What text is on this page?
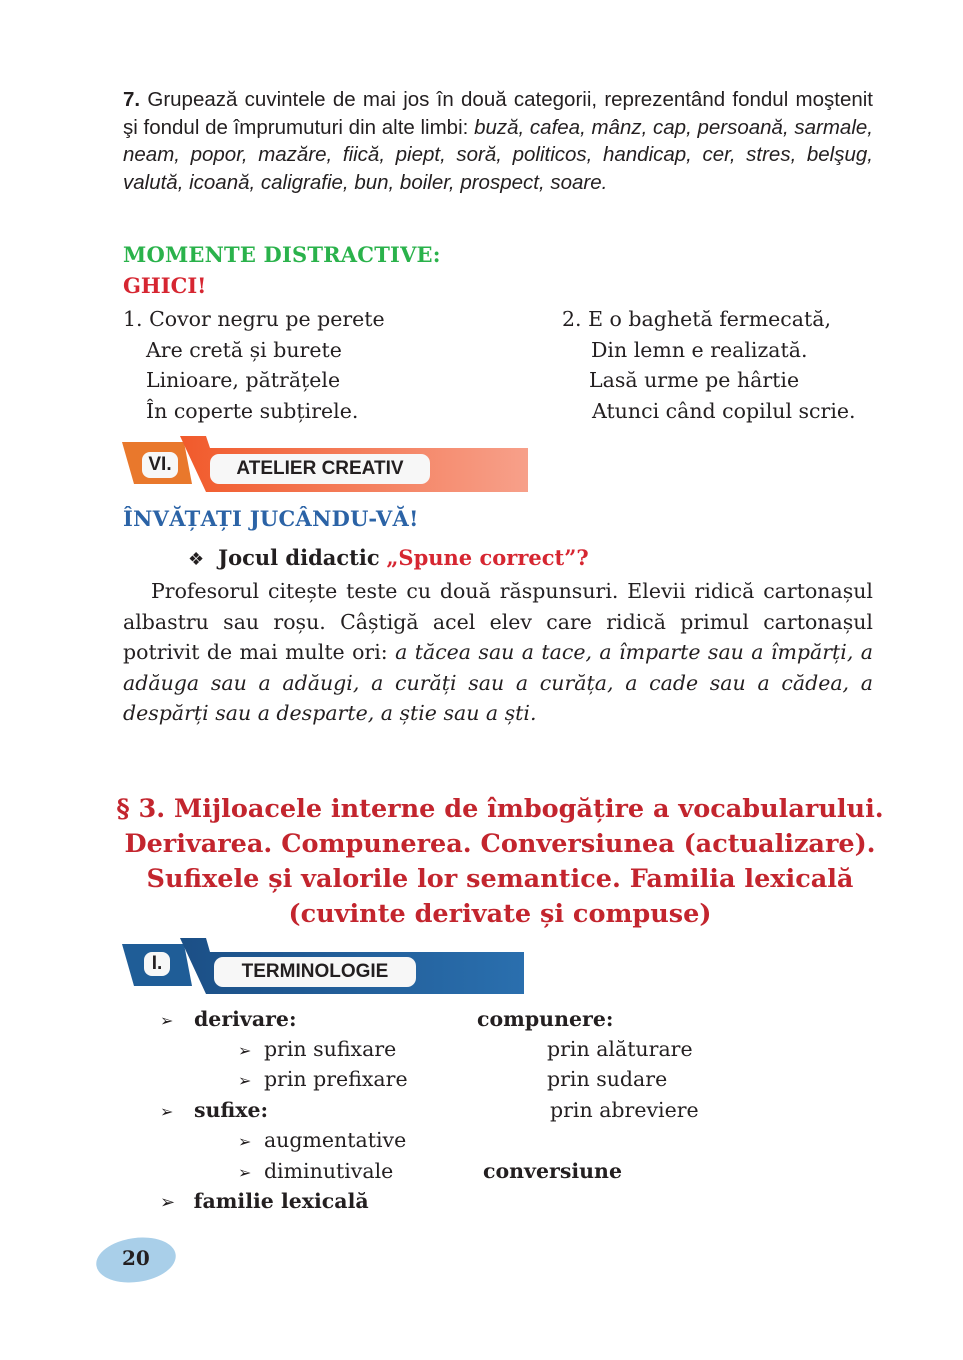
7. Grupează cuvintele de mai jos în două categorii, reprezentând fondul moştenit şi fondul de împrumuturi din alte limbi: buză, cafea, mânz, cap, persoană, sarmale, neam, popor, mazăre, fiică, piept, soră, politicos, handicap, cer, stres, belşug, valută, icoană, caligrafie, bun, boiler, prospect, soare.
MOMENTE DISTRACTIVE:
GHICI!
1. Covor negru pe perete
Are cretă și burete
Linioare, pătrățele
În coperte subțirele.
2. E o baghetă fermecată,
Din lemn e realizată.
Lasă urme pe hârtie
Atunci când copilul scrie.
VI.	ATELIER CREATIV
ÎNVĂȚAȚI JUCÂNDU-VĂ!
❖ Jocul didactic „Spune correct”?
Profesorul citește teste cu două răspunsuri. Elevii ridică cartonașul albastru sau roșu. Câștigă acel elev care ridică primul cartonașul potrivit de mai multe ori: a tăcea sau a tace, a împarte sau a împărți, a adăuga sau a adăugi, a curăți sau a curăța, a cade sau a cădea, a despărți sau a desparte, a știe sau a ști.
§ 3. Mijloacele interne de îmbogățire a vocabularului.
Derivarea. Compunerea. Conversiunea (actualizare).
Sufixele și valorile lor semantice. Familia lexicală
(cuvinte derivate și compuse)
I.	TERMINOLOGIE
➢ derivare:
➢ prin sufixare
➢ prin prefixare
➢ sufixe:
➢ augmentative
➢ diminutivale
➢ familie lexicală
compunere:
prin alăturare
prin sudare
prin abreviere
conversiune
20
